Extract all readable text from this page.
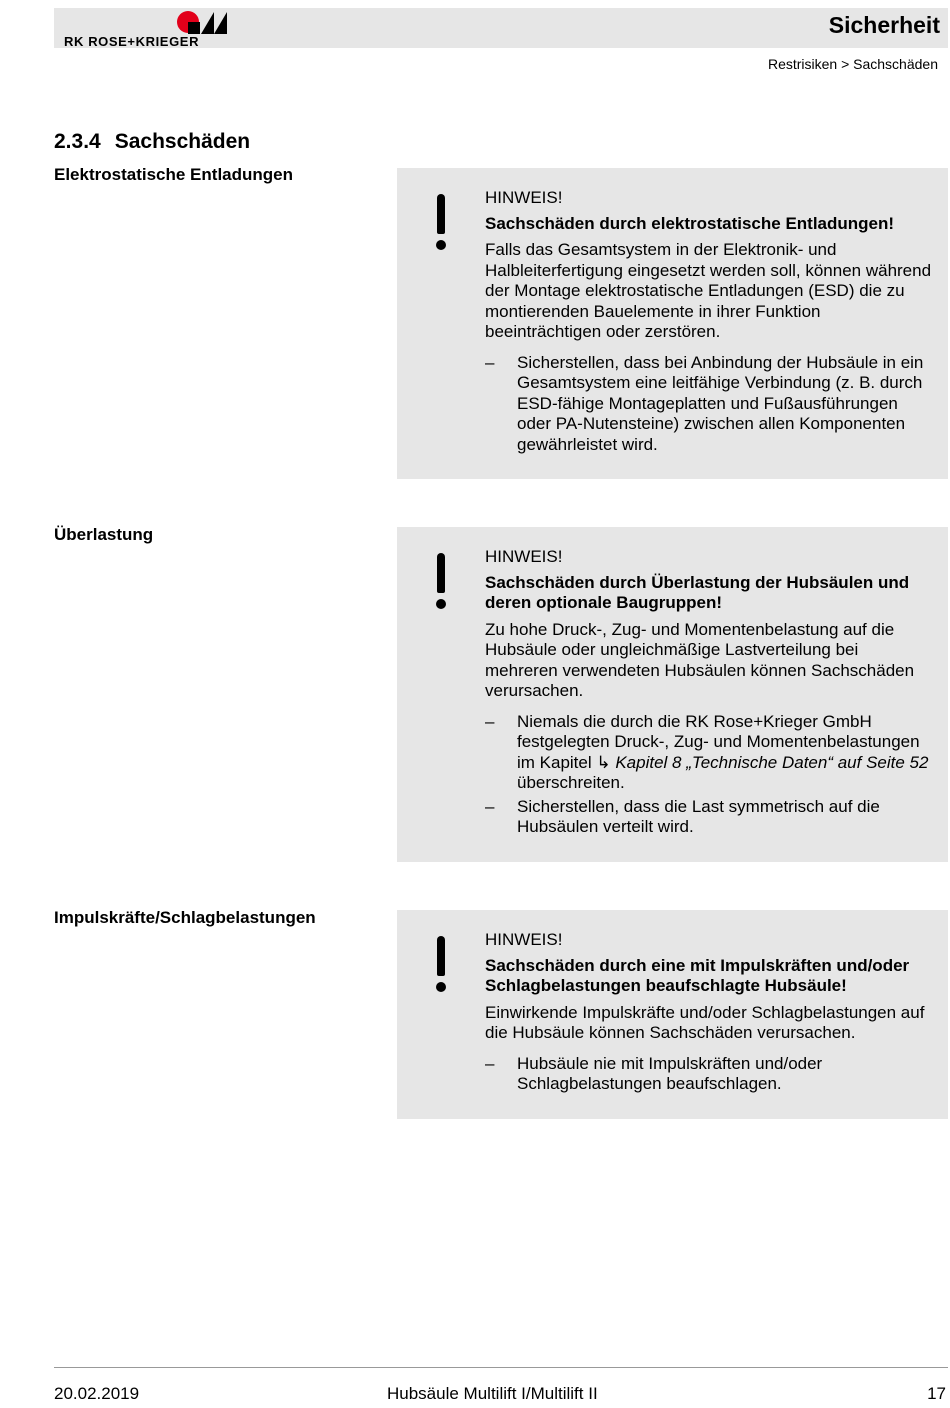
RK ROSE+KRIEGER
Sicherheit
Restrisiken > Sachschäden
2.3.4 Sachschäden
Elektrostatische Entladungen

HINWEIS!

Sachschäden durch elektrostatische Entladungen!

Falls das Gesamtsystem in der Elektronik- und Halbleiterfertigung eingesetzt werden soll, können während der Montage elektrostatische Entladungen (ESD) die zu montierenden Bauelemente in ihrer Funktion beeinträchtigen oder zerstören.

– Sicherstellen, dass bei Anbindung der Hubsäule in ein Gesamtsystem eine leitfähige Verbindung (z. B. durch ESD-fähige Montageplatten und Fußausführungen oder PA-Nutensteine) zwischen allen Komponenten gewährleistet wird.
Überlastung

HINWEIS!

Sachschäden durch Überlastung der Hubsäulen und deren optionale Baugruppen!

Zu hohe Druck-, Zug- und Momentenbelastung auf die Hubsäule oder ungleichmäßige Lastverteilung bei mehreren verwendeten Hubsäulen können Sachschäden verursachen.

– Niemals die durch die RK Rose+Krieger GmbH festgelegten Druck-, Zug- und Momentenbelastungen im Kapitel ↳ Kapitel 8 „Technische Daten“ auf Seite 52 überschreiten.
– Sicherstellen, dass die Last symmetrisch auf die Hubsäulen verteilt wird.
Impulskräfte/Schlagbelastungen

HINWEIS!

Sachschäden durch eine mit Impulskräften und/oder Schlagbelastungen beaufschlagte Hubsäule!

Einwirkende Impulskräfte und/oder Schlagbelastungen auf die Hubsäule können Sachschäden verursachen.

– Hubsäule nie mit Impulskräften und/oder Schlagbelastungen beaufschlagen.
20.02.2019	Hubsäule Multilift I/Multilift II	17
